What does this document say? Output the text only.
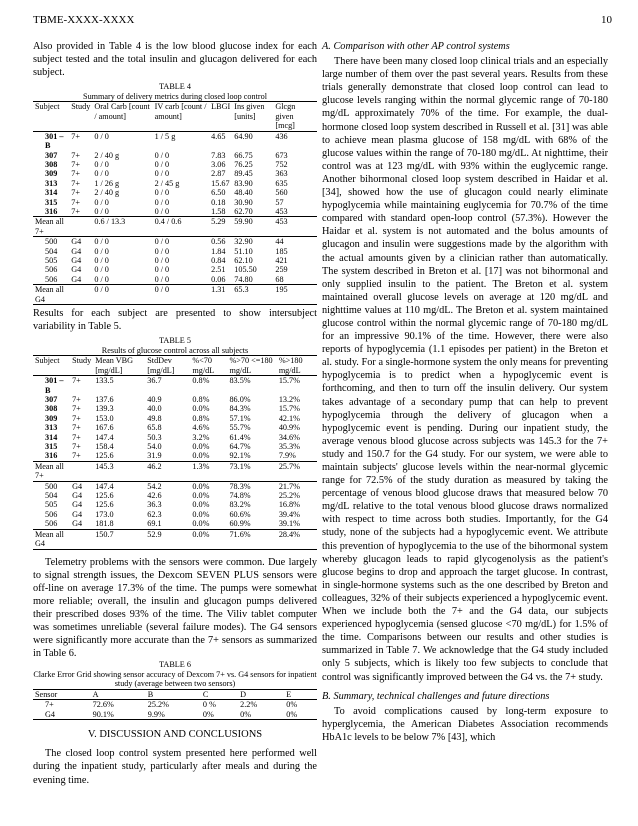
TBME-XXXX-XXXX	10

Also provided in Table 4 is the low blood glucose index for each subject tested and the total insulin and glucagon delivered for each subject.

TABLE 4
Summary of delivery metrics during closed loop control
Subject	Study	Oral Carb [count / amount]	IV carb [count / amount]	LBGI	Ins given [units]	Glcgn given [mcg]
301 – B	7+	0 / 0	1 / 5 g	4.65	64.90	436
307	7+	2 / 40 g	0 / 0	7.83	66.75	673
308	7+	0 / 0	0 / 0	3.06	76.25	752
309	7+	0 / 0	0 / 0	2.87	89.45	363
313	7+	1 / 26 g	2 / 45 g	15.67	83.90	635
314	7+	2 / 40 g	0 / 0	6.50	48.40	560
315	7+	0 / 0	0 / 0	0.18	30.90	57
316	7+	0 / 0	0 / 0	1.58	62.70	453
Mean all 7+		0.6 / 13.3	0.4 / 0.6	5.29	59.90	453
500	G4	0 / 0	0 / 0	0.56	32.90	44
504	G4	0 / 0	0 / 0	1.84	51.10	185
505	G4	0 / 0	0 / 0	0.84	62.10	421
506	G4	0 / 0	0 / 0	2.51	105.50	259
506	G4	0 / 0	0 / 0	0.06	74.80	68
Mean all G4		0 / 0	0 / 0	1.31	65.3	195

Results for each subject are presented to show intersubject variability in Table 5.

TABLE 5
Results of glucose control across all subjects
Subject	Study	Mean VBG [mg/dL]	StdDev [mg/dL]	%<70 mg/dL	%>70 <=180 mg/dL	%>180 mg/dL
301 – B	7+	133.5	36.7	0.8%	83.5%	15.7%
307	7+	137.6	40.9	0.8%	86.0%	13.2%
308	7+	139.3	40.0	0.0%	84.3%	15.7%
309	7+	153.0	49.8	0.8%	57.1%	42.1%
313	7+	167.6	65.8	4.6%	55.7%	40.9%
314	7+	147.4	50.3	3.2%	61.4%	34.6%
315	7+	158.4	54.0	0.0%	64.7%	35.3%
316	7+	125.6	31.9	0.0%	92.1%	7.9%
Mean all 7+		145.3	46.2	1.3%	73.1%	25.7%
500	G4	147.4	54.2	0.0%	78.3%	21.7%
504	G4	125.6	42.6	0.0%	74.8%	25.2%
505	G4	125.6	36.3	0.0%	83.2%	16.8%
506	G4	173.0	62.3	0.0%	60.6%	39.4%
506	G4	181.8	69.1	0.0%	60.9%	39.1%
Mean all G4		150.7	52.9	0.0%	71.6%	28.4%

Telemetry problems with the sensors were common. Due largely to signal strength issues, the Dexcom SEVEN PLUS sensors were off-line on average 17.3% of the time. The pumps were somewhat more reliable; overall, the insulin and glucagon pumps delivered their prescribed doses 93% of the time. The Viliv tablet computer was sometimes unreliable (several failure modes). The G4 sensors were significantly more accurate than the 7+ sensors as summarized in Table 6.

TABLE 6
Clarke Error Grid showing sensor accuracy of Dexcom 7+ vs. G4 sensors for inpatient study (average between two sensors)
Sensor	A	B	C	D	E
7+	72.6%	25.2%	0 %	2.2%	0%
G4	90.1%	9.9%	0%	0%	0%
V. DISCUSSION AND CONCLUSIONS

The closed loop control system presented here performed well during the inpatient study, particularly after meals and during the evening time.

A. Comparison with other AP control systems

There have been many closed loop clinical trials and an especially large number of them over the past several years. Results from these trials generally demonstrate that closed loop control can lead to glucose levels ranging within the normal glycemic range of 70-180 mg/dL approximately 70% of the time. For example, the dual-hormone closed loop system described in Russell et al. [31] was able to achieve mean plasma glucose of 158 mg/dL with 68% of the glucose values within the range of 70-180 mg/dL. At nighttime, their control was at 123 mg/dL with 93% within the euglycemic range. Another bihormonal closed loop system described in Haidar et al. [34], showed how the use of glucagon could nearly eliminate hypoglycemia while maintaining euglycemia for 70.7% of the time compared with standard open-loop control (57.3%). However the Haidar et al. system is not automated and the bolus amounts of glucagon and insulin were suggestions made by the algorithm with the actual amounts given by a clinician rather than automatically. The system described in Breton et al. [17] was not bihormonal and only supplied insulin to the patient. The Breton et al. system maintained overall glucose levels on average at 120 mg/dL and nighttime values at 110 mg/dL. The Breton et al. system maintained glucose control within the normal glycemic range of 70-180 mg/dL for an impressive 90.1% of the time. However, there were also reports of hypoglycemia (1.1 episodes per patient) in the Breton et al. study. For a single-hormone system the only means for preventing hypoglycemia is to predict when a hypoglycemic event is forthcoming, and then to turn off the insulin delivery. Our system takes advantage of a secondary pump that can help to prevent hypoglycemia through the delivery of glucagon when a hypoglycemic event is pending. During our inpatient study, the average venous blood glucose across subjects was 145.3 for the 7+ study and 150.7 for the G4 study. For our system, we were able to maintain subjects' glucose levels within the near-normal glycemic range for 72.5% of the study duration as measured by taking the percentage of venous blood glucose draws that measured below 70 mg/dL relative to the total venous blood glucose draws normalized with respect to time across both studies. Importantly, for the G4 study, none of the subjects had a hypoglycemic event. We attribute this prevention of hypoglycemia to the use of the bihormonal system whereby glucagon leads to rapid glycogenolysis as the patient's glucose begins to drop and approach the target glucose. In contrast, in single-hormone systems such as the one described by Breton and colleagues, 32% of their subjects experienced a hypoglycemic event. When we include both the 7+ and the G4 data, our subjects experienced hypoglycemia (sensed glucose <70 mg/dL) for 1.5% of the time. Comparisons between our results and other studies is summarized in Table 7. We acknowledge that the G4 study included only 5 subjects, which is likely too few subjects to conclude that control was significantly improved between the G4 vs. the 7+ study.

B. Summary, technical challenges and future directions

To avoid complications caused by long-term exposure to hyperglycemia, the American Diabetes Association recommends HbA1c levels to be below 7% [43], which
